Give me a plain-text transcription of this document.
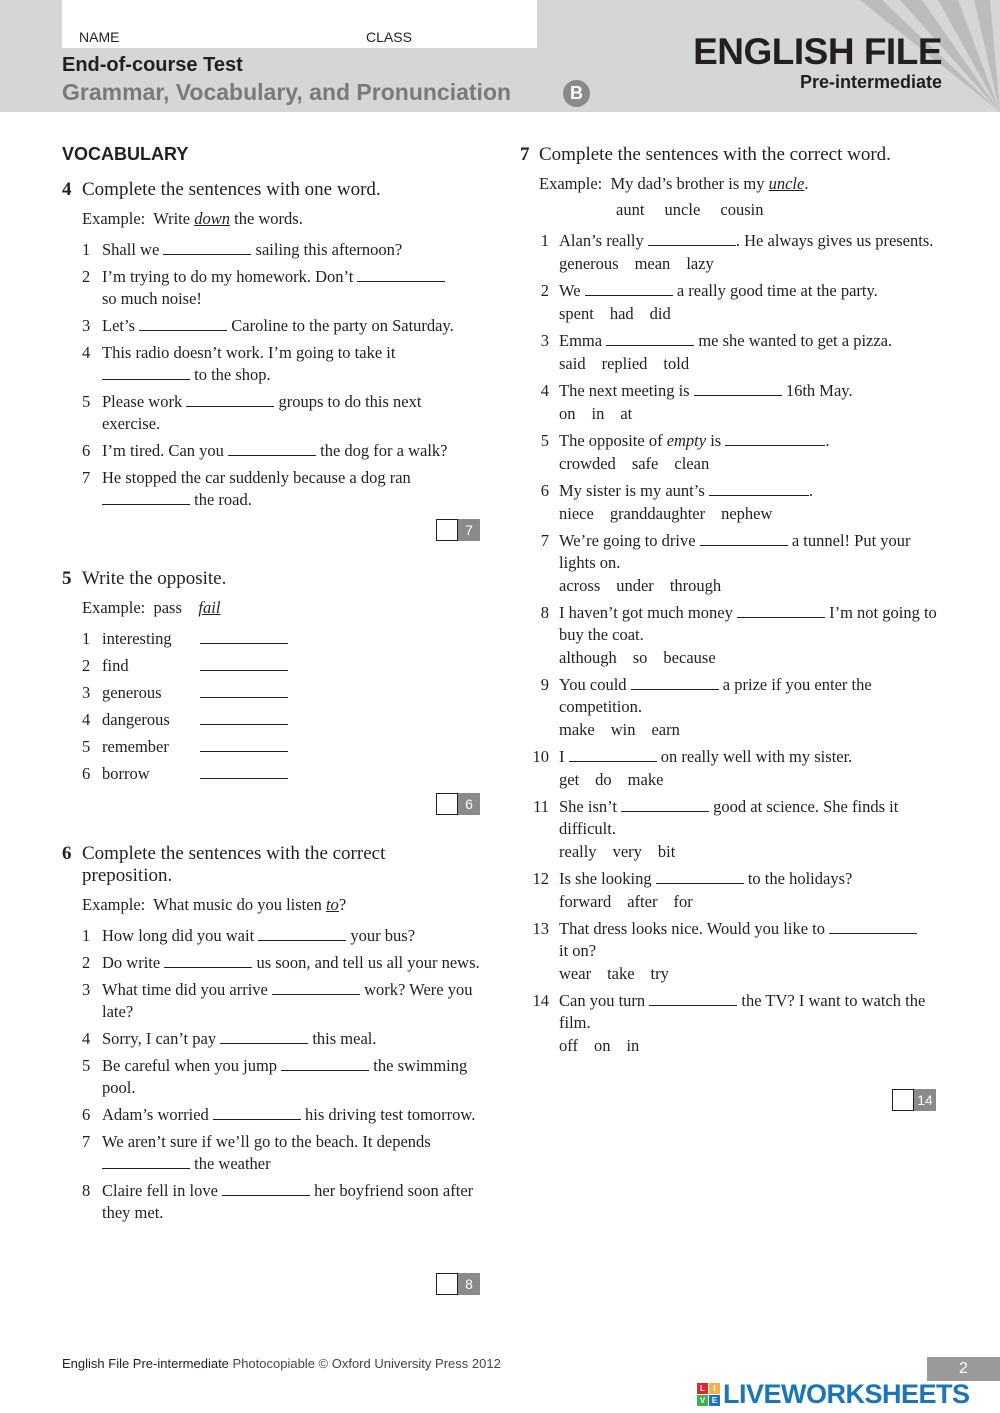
NAME	CLASS
End-of-course Test
Grammar, Vocabulary, and Pronunciation	B
ENGLISH FILE
Pre-intermediate
VOCABULARY
4 Complete the sentences with one word.
Example: Write down the words.
1 Shall we	sailing this afternoon?
2 I’m trying to do my homework. Don’t
so much noise!
3 Let’s	Caroline to the party on Saturday.
4 This radio doesn’t work. I’m going to take it
to the shop.
5 Please work	groups to do this next exercise.
6 I’m tired. Can you	the dog for a walk?
7 He stopped the car suddenly because a dog ran
the road.
7
5 Write the opposite.
Example: pass fail
1 interesting
2 find
3 generous
4 dangerous
5 remember
6 borrow
6
6 Complete the sentences with the correct preposition.
Example: What music do you listen to?
1 How long did you wait	your bus?
2 Do write	us soon, and tell us all your news.
3 What time did you arrive	work? Were you late?
4 Sorry, I can’t pay	this meal.
5 Be careful when you jump	the swimming pool.
6 Adam’s worried	his driving test tomorrow.
7 We aren’t sure if we’ll go to the beach. It depends
the weather
8 Claire fell in love	her boyfriend soon after they met.
8
7 Complete the sentences with the correct word.
Example: My dad’s brother is my uncle.
aunt uncle cousin
1 Alan’s really	. He always gives us presents.
generous mean lazy
2 We	a really good time at the party.
spent had did
3 Emma	me she wanted to get a pizza.
said replied told
4 The next meeting is	16th May.
on in at
5 The opposite of empty is	.
crowded safe clean
6 My sister is my aunt’s	.
niece granddaughter nephew
7 We’re going to drive	a tunnel! Put your lights on.
across under through
8 I haven’t got much money	I’m not going to buy the coat.
although so because
9 You could	a prize if you enter the competition.
make win earn
10 I	on really well with my sister.
get do make
11 She isn’t	good at science. She finds it difficult.
really very bit
12 Is she looking	to the holidays?
forward after for
13 That dress looks nice. Would you like to
it on?
wear take try
14 Can you turn	the TV? I want to watch the film.
off on in
14
English File Pre-intermediate Photocopiable © Oxford University Press 2012	2
L	I
V E LIVEWORKSHEETS
